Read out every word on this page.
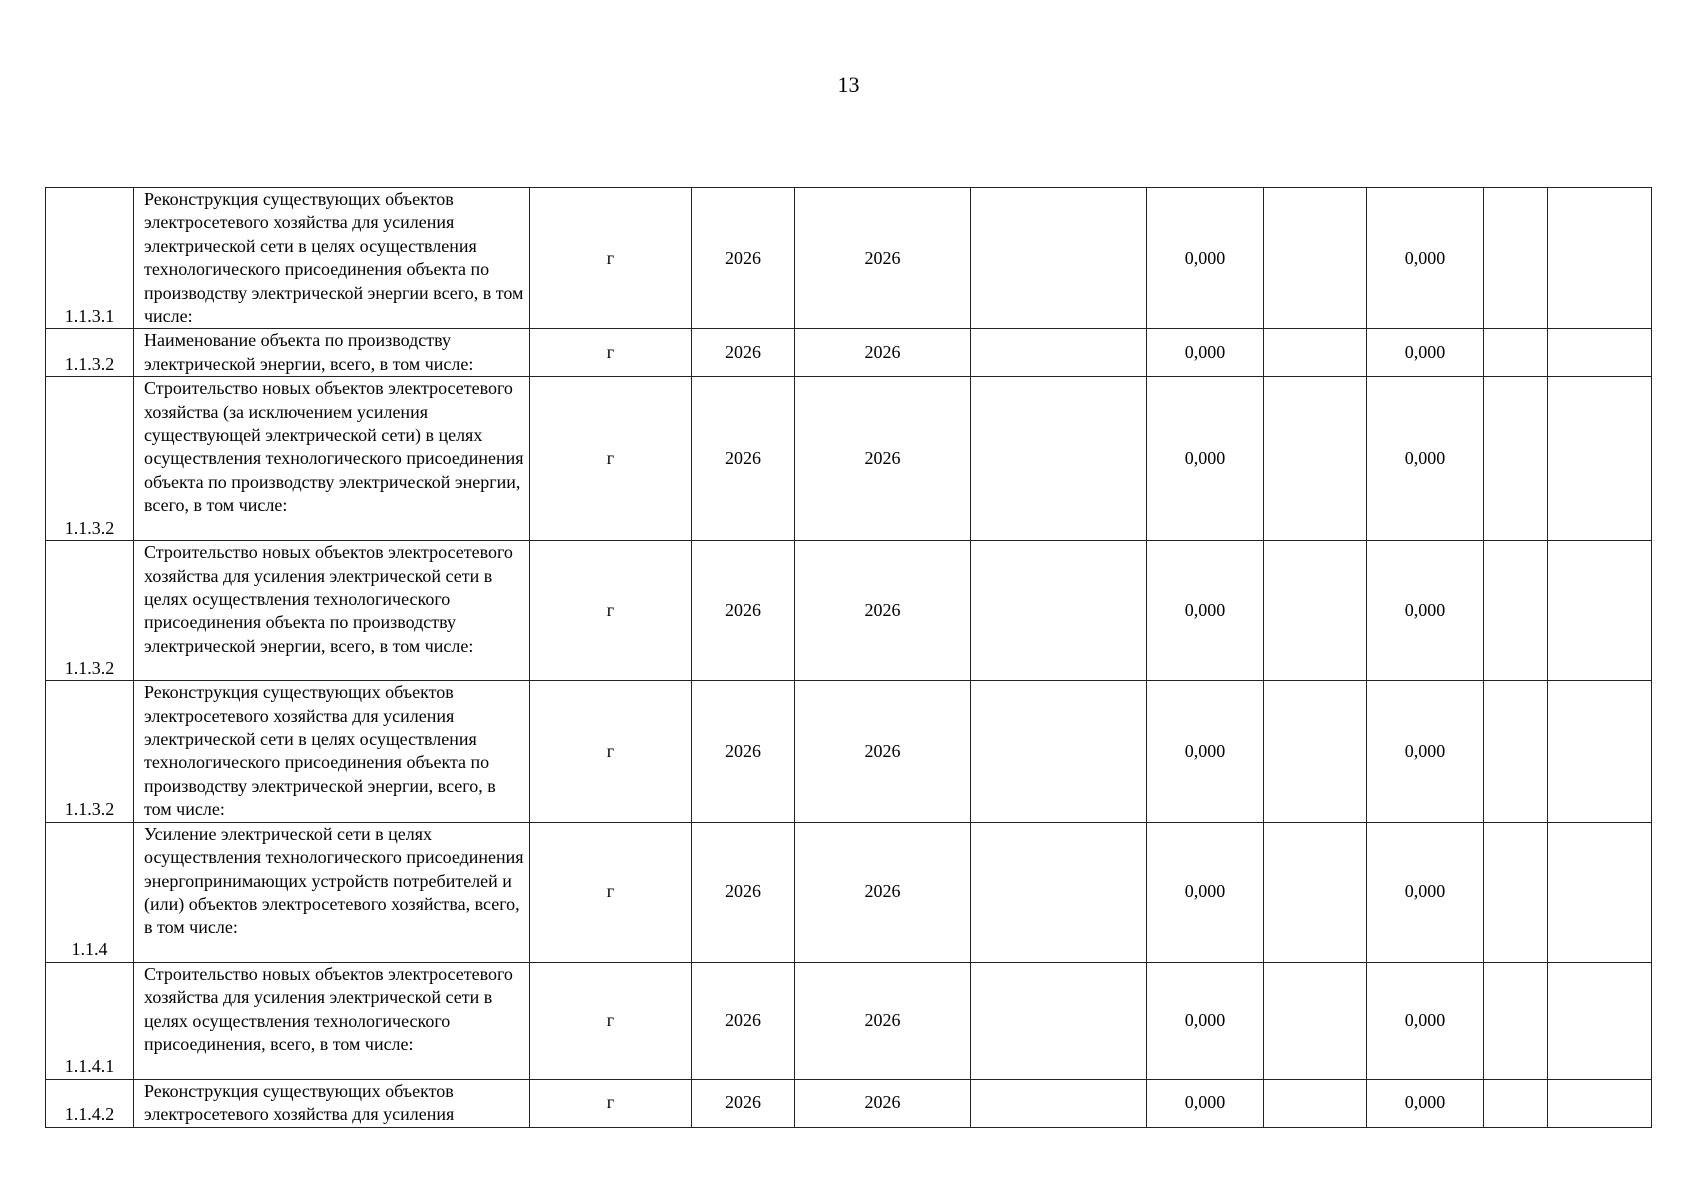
13
1.1.3.1	Реконструкция существующих объектов электросетевого хозяйства для усиления электрической сети в целях осуществления технологического присоединения объекта по производству электрической энергии всего, в том числе:	г	2026	2026		0,000		0,000		
1.1.3.2	Наименование объекта по производству электрической энергии, всего, в том числе:	г	2026	2026		0,000		0,000		
1.1.3.2	Строительство новых объектов электросетевого хозяйства (за исключением усиления существующей электрической сети) в целях осуществления технологического присоединения объекта по производству электрической энергии, всего, в том числе:	г	2026	2026		0,000		0,000		
1.1.3.2	Строительство новых объектов электросетевого хозяйства для усиления электрической сети в целях осуществления технологического присоединения объекта по производству электрической энергии, всего, в том числе:	г	2026	2026		0,000		0,000		
1.1.3.2	Реконструкция существующих объектов электросетевого хозяйства для усиления электрической сети в целях осуществления технологического присоединения объекта по производству электрической энергии, всего, в том числе:	г	2026	2026		0,000		0,000		
1.1.4	Усиление электрической сети в целях осуществления технологического присоединения энергопринимающих устройств потребителей и (или) объектов электросетевого хозяйства, всего, в том числе:	г	2026	2026		0,000		0,000		
1.1.4.1	Строительство новых объектов электросетевого хозяйства для усиления электрической сети в целях осуществления технологического присоединения, всего, в том числе:	г	2026	2026		0,000		0,000		
1.1.4.2	Реконструкция существующих объектов электросетевого хозяйства для усиления	г	2026	2026		0,000		0,000		
